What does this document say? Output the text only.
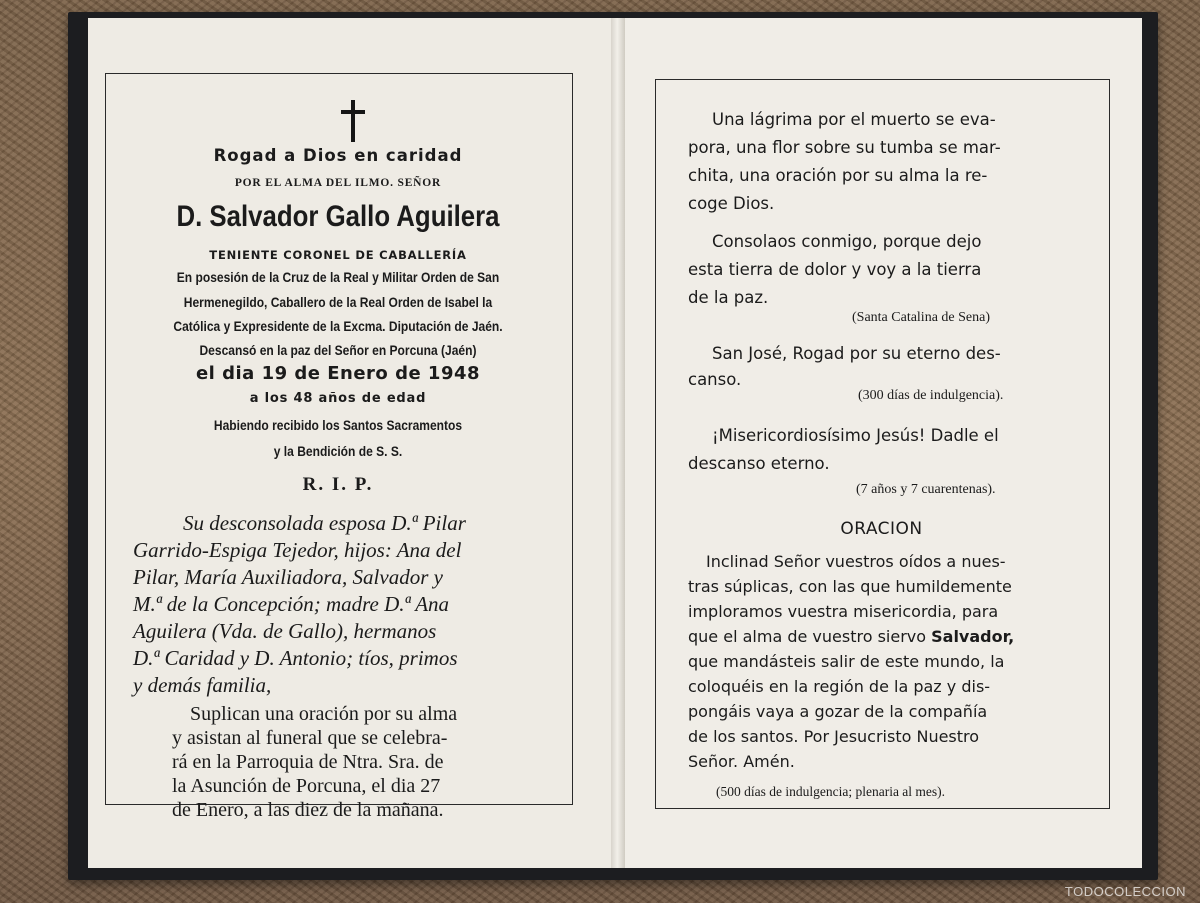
Rogad a Dios en caridad
POR EL ALMA DEL ILMO. SEÑOR
D. Salvador Gallo Aguilera
TENIENTE CORONEL DE CABALLERÍA
En posesión de la Cruz de la Real y Militar Orden de San
Hermenegildo, Caballero de la Real Orden de Isabel la
Católica y Expresidente de la Excma. Diputación de Jaén.
Descansó en la paz del Señor en Porcuna (Jaén)
el dia 19 de Enero de 1948
a los 48 años de edad
Habiendo recibido los Santos Sacramentos
y la Bendición de S. S.
R. I. P.
Su desconsolada esposa D.ª Pilar
Garrido-Espiga Tejedor, hijos: Ana del
Pilar, María Auxiliadora, Salvador y
M.ª de la Concepción; madre D.ª Ana
Aguilera (Vda. de Gallo), hermanos
D.ª Caridad y D. Antonio; tíos, primos
y demás familia,
Suplican una oración por su alma
y asistan al funeral que se celebra-
rá en la Parroquia de Ntra. Sra. de
la Asunción de Porcuna, el dia 27
de Enero, a las diez de la mañana.
Una lágrima por el muerto se eva-
pora, una flor sobre su tumba se mar-
chita, una oración por su alma la re-
coge Dios.
Consolaos conmigo, porque dejo
esta tierra de dolor y voy a la tierra
de la paz.
(Santa Catalina de Sena)
San José, Rogad por su eterno des-
canso.
(300 días de indulgencia).
¡Misericordiosísimo Jesús! Dadle el
descanso eterno.
(7 años y 7 cuarentenas).
ORACION
Inclinad Señor vuestros oídos a nues-
tras súplicas, con las que humildemente
imploramos vuestra misericordia, para
que el alma de vuestro siervo Salvador,
que mandásteis salir de este mundo, la
coloquéis en la región de la paz y dis-
pongáis vaya a gozar de la compañía
de los santos. Por Jesucristo Nuestro
Señor. Amén.
(500 días de indulgencia; plenaria al mes).
TODOCOLECCION
